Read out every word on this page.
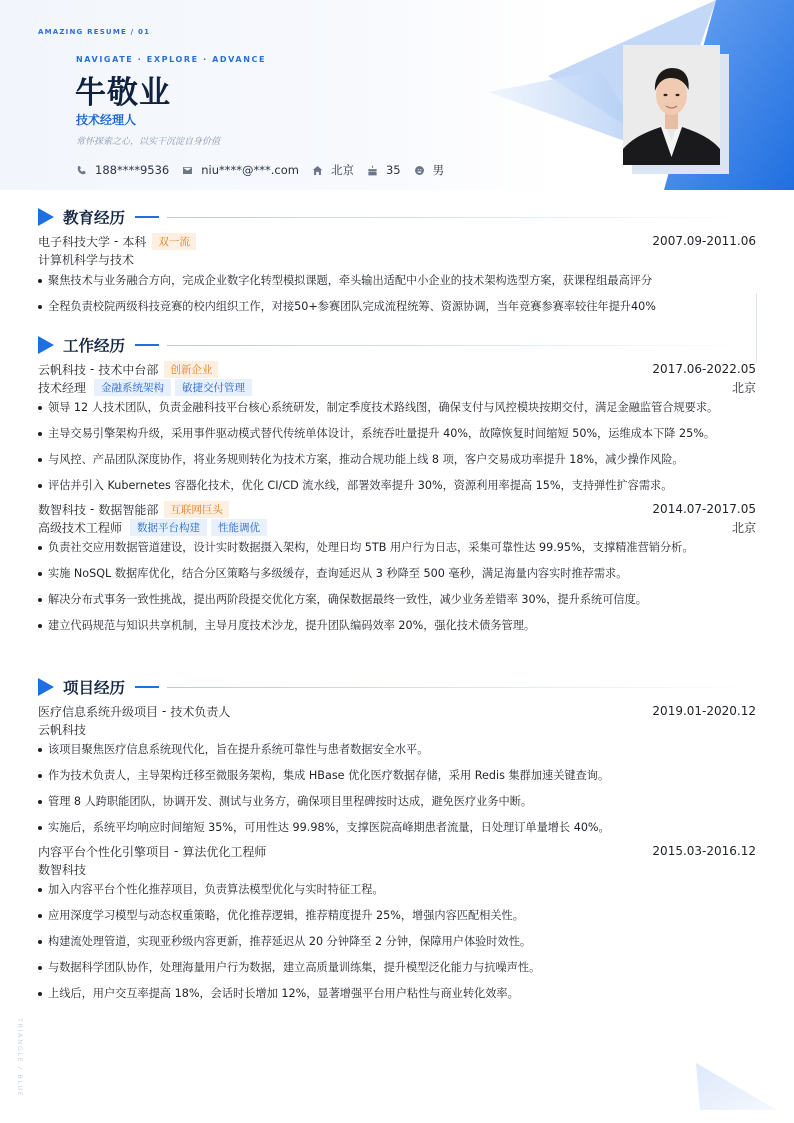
AMAZING RESUME / 01
NAVIGATE · EXPLORE · ADVANCE
牛敬业
技术经理人
常怀探索之心，以实干沉淀自身价值
188****9536	niu****@***.com	北京	35	男
教育经历
电子科技大学 - 本科	双一流	2007.09-2011.06
计算机科学与技术
聚焦技术与业务融合方向，完成企业数字化转型模拟课题，牵头输出适配中小企业的技术架构选型方案，获课程组最高评分
全程负责校院两级科技竞赛的校内组织工作，对接50+参赛团队完成流程统筹、资源协调，当年竞赛参赛率较往年提升40%
工作经历
云帆科技 - 技术中台部	创新企业	2017.06-2022.05
技术经理	金融系统架构	敏捷交付管理	北京
领导 12 人技术团队，负责金融科技平台核心系统研发，制定季度技术路线图，确保支付与风控模块按期交付，满足金融监管合规要求。
主导交易引擎架构升级，采用事件驱动模式替代传统单体设计，系统吞吐量提升 40%，故障恢复时间缩短 50%，运维成本下降 25%。
与风控、产品团队深度协作，将业务规则转化为技术方案，推动合规功能上线 8 项，客户交易成功率提升 18%，减少操作风险。
评估并引入 Kubernetes 容器化技术，优化 CI/CD 流水线，部署效率提升 30%，资源利用率提高 15%，支持弹性扩容需求。
数智科技 - 数据智能部	互联网巨头	2014.07-2017.05
高级技术工程师	数据平台构建	性能调优	北京
负责社交应用数据管道建设，设计实时数据摄入架构，处理日均 5TB 用户行为日志，采集可靠性达 99.95%，支撑精准营销分析。
实施 NoSQL 数据库优化，结合分区策略与多级缓存，查询延迟从 3 秒降至 500 毫秒，满足海量内容实时推荐需求。
解决分布式事务一致性挑战，提出两阶段提交优化方案，确保数据最终一致性，减少业务差错率 30%，提升系统可信度。
建立代码规范与知识共享机制，主导月度技术沙龙，提升团队编码效率 20%，强化技术债务管理。
项目经历
医疗信息系统升级项目 - 技术负责人	2019.01-2020.12
云帆科技
该项目聚焦医疗信息系统现代化，旨在提升系统可靠性与患者数据安全水平。
作为技术负责人，主导架构迁移至微服务架构，集成 HBase 优化医疗数据存储，采用 Redis 集群加速关键查询。
管理 8 人跨职能团队，协调开发、测试与业务方，确保项目里程碑按时达成，避免医疗业务中断。
实施后，系统平均响应时间缩短 35%，可用性达 99.98%，支撑医院高峰期患者流量，日处理订单量增长 40%。
内容平台个性化引擎项目 - 算法优化工程师	2015.03-2016.12
数智科技
加入内容平台个性化推荐项目，负责算法模型优化与实时特征工程。
应用深度学习模型与动态权重策略，优化推荐逻辑，推荐精度提升 25%，增强内容匹配相关性。
构建流处理管道，实现亚秒级内容更新，推荐延迟从 20 分钟降至 2 分钟，保障用户体验时效性。
与数据科学团队协作，处理海量用户行为数据，建立高质量训练集，提升模型泛化能力与抗噪声性。
上线后，用户交互率提高 18%，会话时长增加 12%，显著增强平台用户粘性与商业转化效率。
TRIANGLE / BLUE
